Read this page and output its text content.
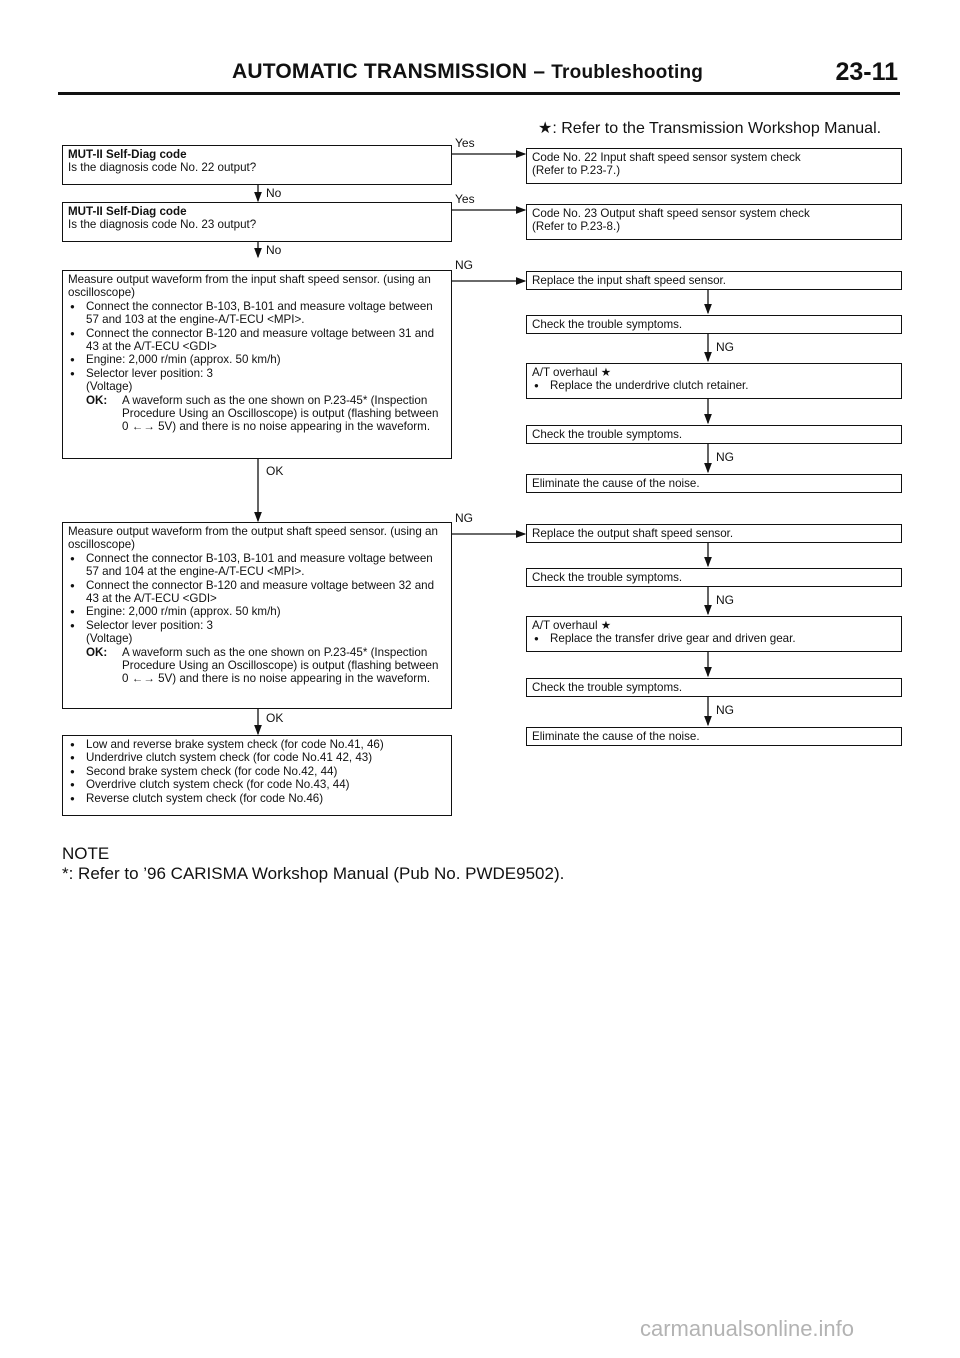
AUTOMATIC TRANSMISSION – Troubleshooting	23-11
★: Refer to the Transmission Workshop Manual.
MUT-II Self-Diag code
Is the diagnosis code No. 22 output?
MUT-II Self-Diag code
Is the diagnosis code No. 23 output?
Measure output waveform from the input shaft speed sensor. (using an oscilloscope)
● Connect the connector B-103, B-101 and measure voltage between 57 and 103 at the engine-A/T-ECU <MPI>.
● Connect the connector B-120 and measure voltage between 31 and 43 at the A/T-ECU <GDI>
● Engine: 2,000 r/min (approx. 50 km/h)
● Selector lever position: 3
(Voltage)
OK:	A waveform such as the one shown on P.23-45* (Inspection Procedure Using an Oscilloscope) is output (flashing between 0 ←→ 5V) and there is no noise appearing in the waveform.
Measure output waveform from the output shaft speed sensor. (using an oscilloscope)
● Connect the connector B-103, B-101 and measure voltage between 57 and 104 at the engine-A/T-ECU <MPI>.
● Connect the connector B-120 and measure voltage between 32 and 43 at the A/T-ECU <GDI>
● Engine: 2,000 r/min (approx. 50 km/h)
● Selector lever position: 3
(Voltage)
OK:	A waveform such as the one shown on P.23-45* (Inspection Procedure Using an Oscilloscope) is output (flashing between 0 ←→ 5V) and there is no noise appearing in the waveform.
● Low and reverse brake system check (for code No.41, 46)
● Underdrive clutch system check (for code No.41 42, 43)
● Second brake system check (for code No.42, 44)
● Overdrive clutch system check (for code No.43, 44)
● Reverse clutch system check (for code No.46)
Code No. 22 Input shaft speed sensor system check
(Refer to P.23-7.)
Code No. 23 Output shaft speed sensor system check
(Refer to P.23-8.)
Replace the input shaft speed sensor.
Check the trouble symptoms.
A/T overhaul ★
● Replace the underdrive clutch retainer.
Check the trouble symptoms.
Eliminate the cause of the noise.
Replace the output shaft speed sensor.
Check the trouble symptoms.
A/T overhaul ★
● Replace the transfer drive gear and driven gear.
Check the trouble symptoms.
Eliminate the cause of the noise.
Yes
Yes
No
No
NG
NG
OK
OK
NG
NG
NG
NG
NOTE
*: Refer to ’96 CARISMA Workshop Manual (Pub No. PWDE9502).
carmanualsonline.info
